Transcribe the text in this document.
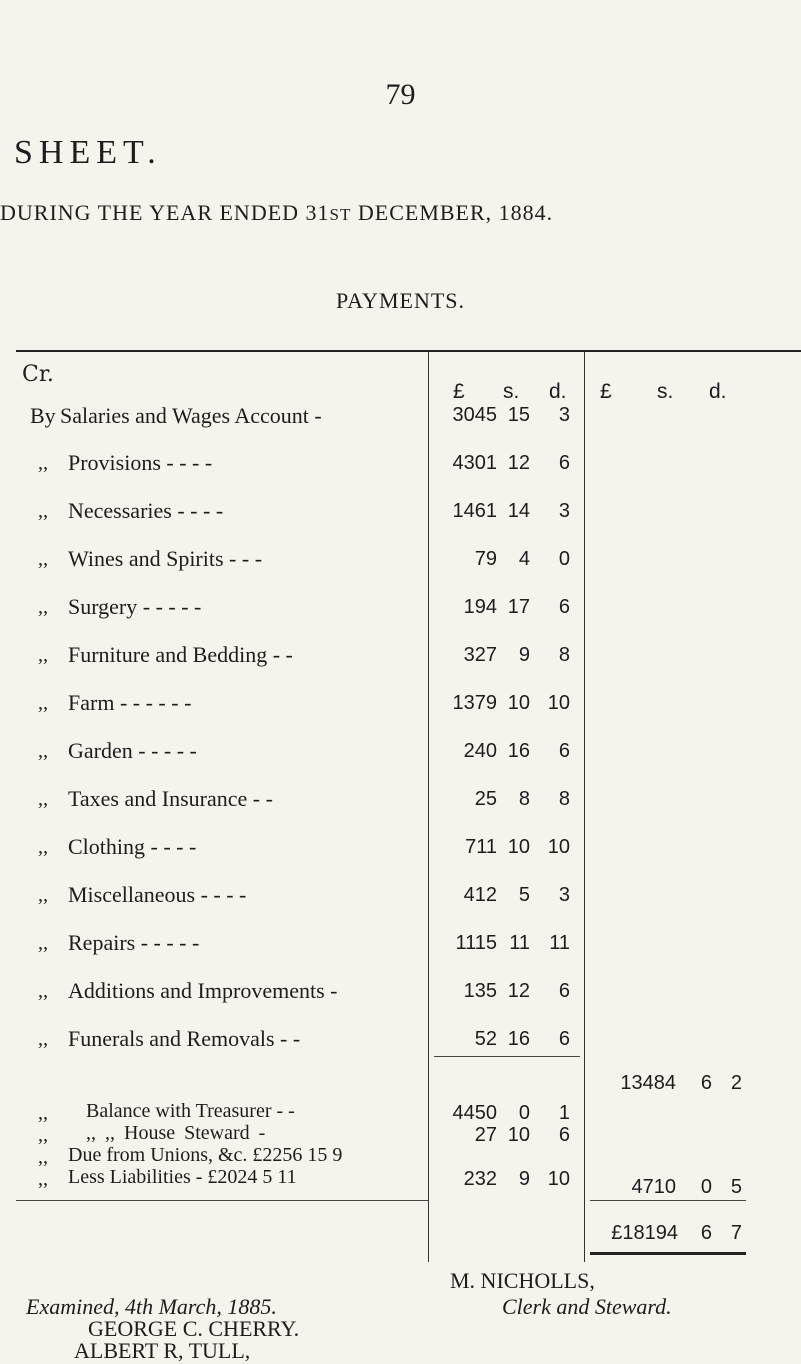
79
SHEET.
DURING THE YEAR ENDED 31ST DECEMBER, 1884.
PAYMENTS.
Cr.
£ s. d. £ s. d.
By Salaries and Wages Account -	3045 15	3
,, Provisions - - - -	4301 12	6
,, Necessaries - - - -	1461 14	3
,, Wines and Spirits - - -	79	4	0
,, Surgery - - - - -	194 17	6
,, Furniture and Bedding - -	327	9	8
,, Farm - - - - - -	1379 10 10
,, Garden - - - - -	240 16	6
,, Taxes and Insurance - -	25	8	8
,, Clothing - - - -	711 10 10
,, Miscellaneous - - - -	412	5	3
,, Repairs - - - - -	1115 11 11
,, Additions and Improvements -	135 12	6
,, Funerals and Removals - -	52 16	6
13484	6 2
,, Balance with Treasurer - -	4450	0	1
,, ,, ,, House Steward -	27 10	6
,, Due from Unions, &c. £2256 15 9
,, Less Liabilities - £2024 5 11	232	9 10	4710	0 5
£18194	6 7
M. NICHOLLS,
Clerk and Steward.
Examined, 4th March, 1885.
GEORGE C. CHERRY.
ALBERT R, TULL,
